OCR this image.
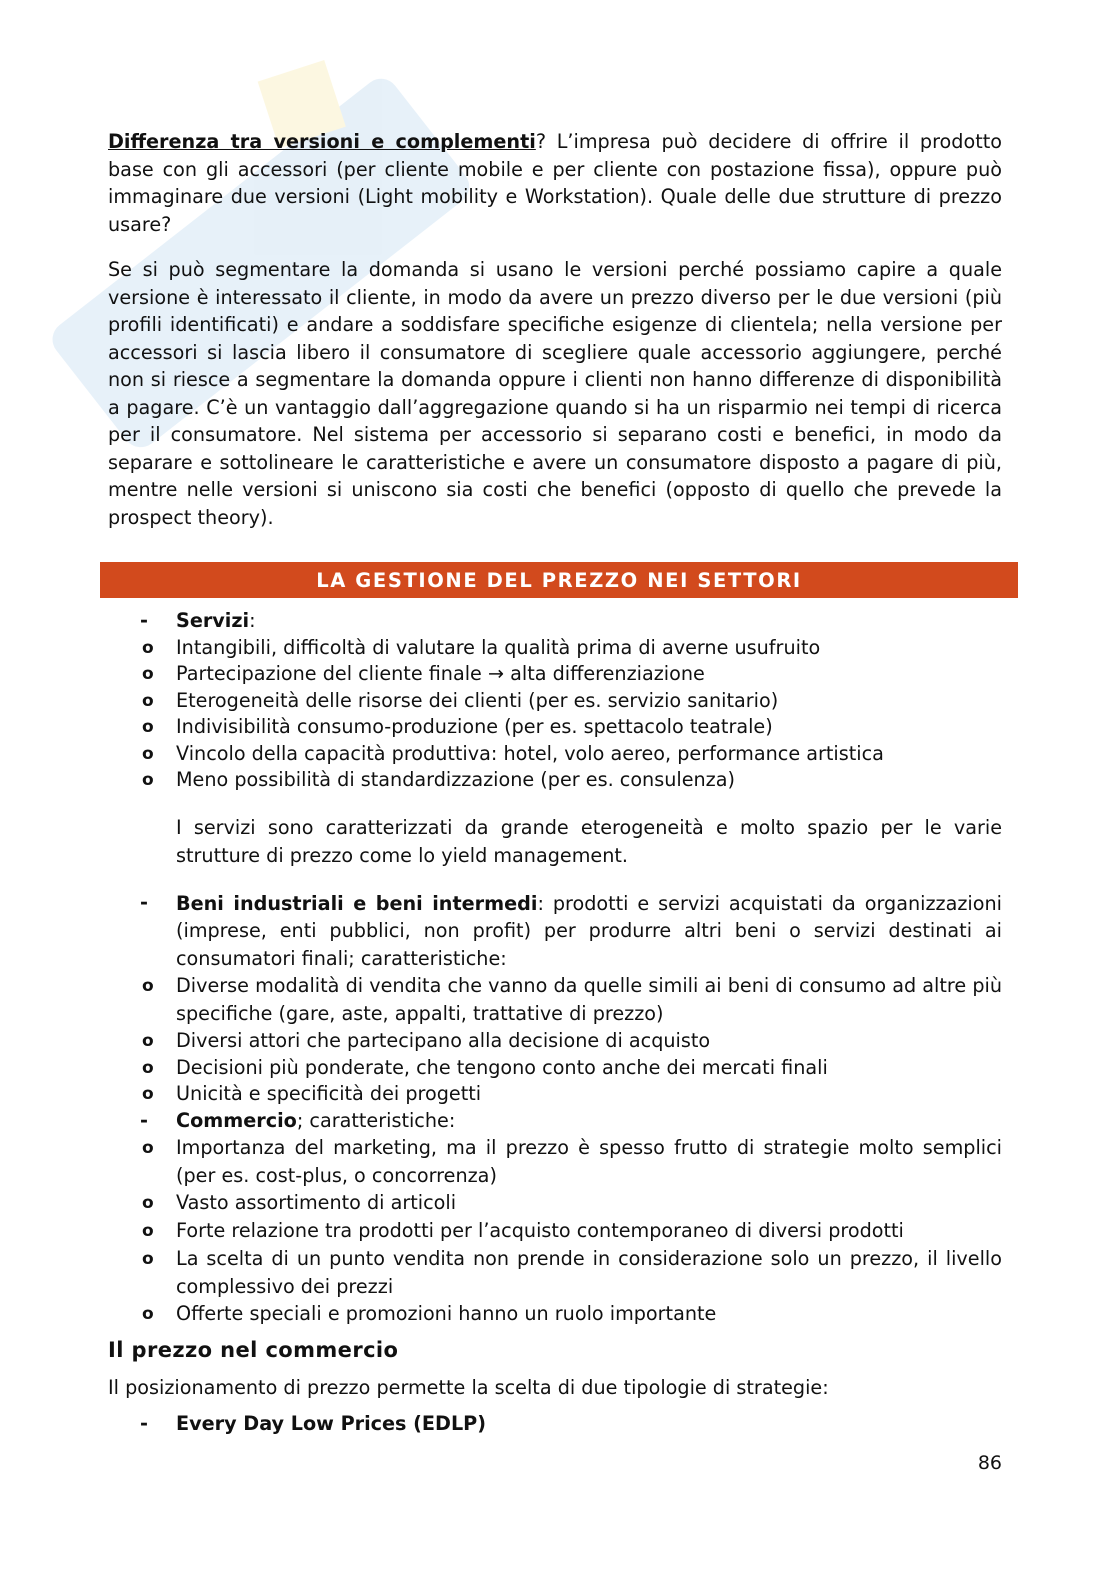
Differenza tra versioni e complementi? L’impresa può decidere di offrire il prodotto base con gli accessori (per cliente mobile e per cliente con postazione fissa), oppure può immaginare due versioni (Light mobility e Workstation). Quale delle due strutture di prezzo usare?

Se si può segmentare la domanda si usano le versioni perché possiamo capire a quale versione è interessato il cliente, in modo da avere un prezzo diverso per le due versioni (più profili identificati) e andare a soddisfare specifiche esigenze di clientela; nella versione per accessori si lascia libero il consumatore di scegliere quale accessorio aggiungere, perché non si riesce a segmentare la domanda oppure i clienti non hanno differenze di disponibilità a pagare. C’è un vantaggio dall’aggregazione quando si ha un risparmio nei tempi di ricerca per il consumatore. Nel sistema per accessorio si separano costi e benefici, in modo da separare e sottolineare le caratteristiche e avere un consumatore disposto a pagare di più, mentre nelle versioni si uniscono sia costi che benefici (opposto di quello che prevede la prospect theory).

LA GESTIONE DEL PREZZO NEI SETTORI
- Servizi:
o Intangibili, difficoltà di valutare la qualità prima di averne usufruito
o Partecipazione del cliente finale → alta differenziazione
o Eterogeneità delle risorse dei clienti (per es. servizio sanitario)
o Indivisibilità consumo-produzione (per es. spettacolo teatrale)
o Vincolo della capacità produttiva: hotel, volo aereo, performance artistica
o Meno possibilità di standardizzazione (per es. consulenza)

I servizi sono caratterizzati da grande eterogeneità e molto spazio per le varie strutture di prezzo come lo yield management.

- Beni industriali e beni intermedi: prodotti e servizi acquistati da organizzazioni (imprese, enti pubblici, non profit) per produrre altri beni o servizi destinati ai consumatori finali; caratteristiche:
o Diverse modalità di vendita che vanno da quelle simili ai beni di consumo ad altre più specifiche (gare, aste, appalti, trattative di prezzo)
o Diversi attori che partecipano alla decisione di acquisto
o Decisioni più ponderate, che tengono conto anche dei mercati finali
o Unicità e specificità dei progetti
- Commercio; caratteristiche:
o Importanza del marketing, ma il prezzo è spesso frutto di strategie molto semplici (per es. cost-plus, o concorrenza)
o Vasto assortimento di articoli
o Forte relazione tra prodotti per l’acquisto contemporaneo di diversi prodotti
o La scelta di un punto vendita non prende in considerazione solo un prezzo, il livello complessivo dei prezzi
o Offerte speciali e promozioni hanno un ruolo importante
Il prezzo nel commercio
Il posizionamento di prezzo permette la scelta di due tipologie di strategie:
- Every Day Low Prices (EDLP)
86
